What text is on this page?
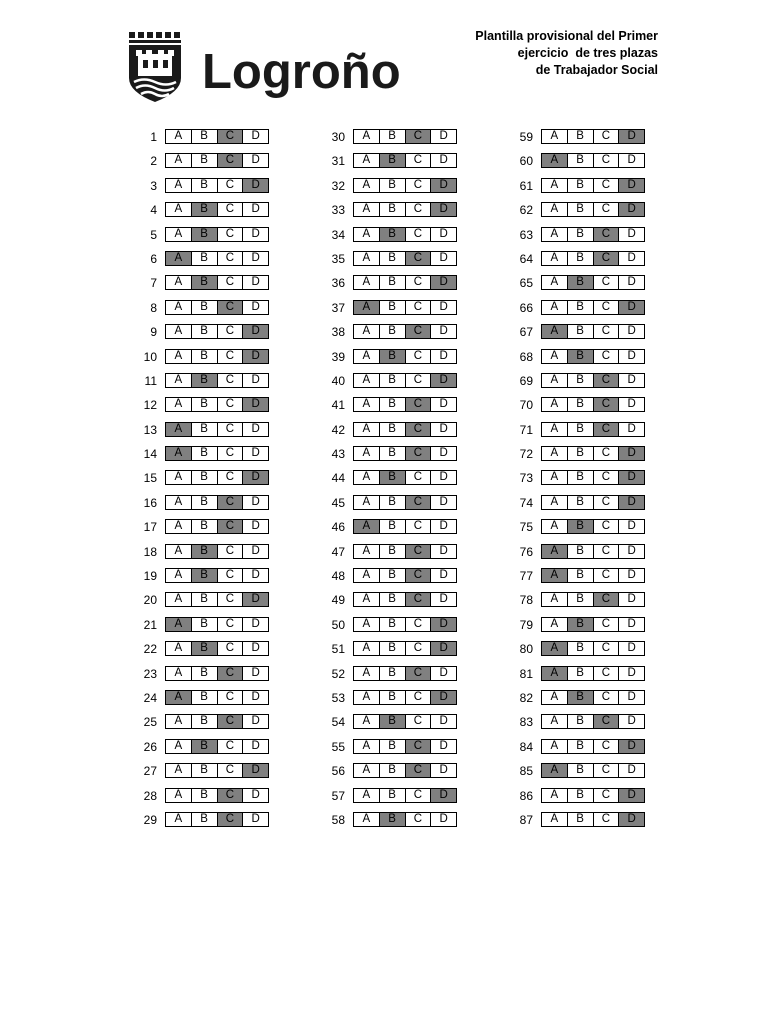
Logroño
Plantilla provisional del Primer
ejercicio  de tres plazas
de Trabajador Social
1	A	B	C	D
2	A	B	C	D
3	A	B	C	D
4	A	B	C	D
5	A	B	C	D
6	A	B	C	D
7	A	B	C	D
8	A	B	C	D
9	A	B	C	D
10	A	B	C	D
11	A	B	C	D
12	A	B	C	D
13	A	B	C	D
14	A	B	C	D
15	A	B	C	D
16	A	B	C	D
17	A	B	C	D
18	A	B	C	D
19	A	B	C	D
20	A	B	C	D
21	A	B	C	D
22	A	B	C	D
23	A	B	C	D
24	A	B	C	D
25	A	B	C	D
26	A	B	C	D
27	A	B	C	D
28	A	B	C	D
29	A	B	C	D
30	A	B	C	D
31	A	B	C	D
32	A	B	C	D
33	A	B	C	D
34	A	B	C	D
35	A	B	C	D
36	A	B	C	D
37	A	B	C	D
38	A	B	C	D
39	A	B	C	D
40	A	B	C	D
41	A	B	C	D
42	A	B	C	D
43	A	B	C	D
44	A	B	C	D
45	A	B	C	D
46	A	B	C	D
47	A	B	C	D
48	A	B	C	D
49	A	B	C	D
50	A	B	C	D
51	A	B	C	D
52	A	B	C	D
53	A	B	C	D
54	A	B	C	D
55	A	B	C	D
56	A	B	C	D
57	A	B	C	D
58	A	B	C	D
59	A	B	C	D
60	A	B	C	D
61	A	B	C	D
62	A	B	C	D
63	A	B	C	D
64	A	B	C	D
65	A	B	C	D
66	A	B	C	D
67	A	B	C	D
68	A	B	C	D
69	A	B	C	D
70	A	B	C	D
71	A	B	C	D
72	A	B	C	D
73	A	B	C	D
74	A	B	C	D
75	A	B	C	D
76	A	B	C	D
77	A	B	C	D
78	A	B	C	D
79	A	B	C	D
80	A	B	C	D
81	A	B	C	D
82	A	B	C	D
83	A	B	C	D
84	A	B	C	D
85	A	B	C	D
86	A	B	C	D
87	A	B	C	D
